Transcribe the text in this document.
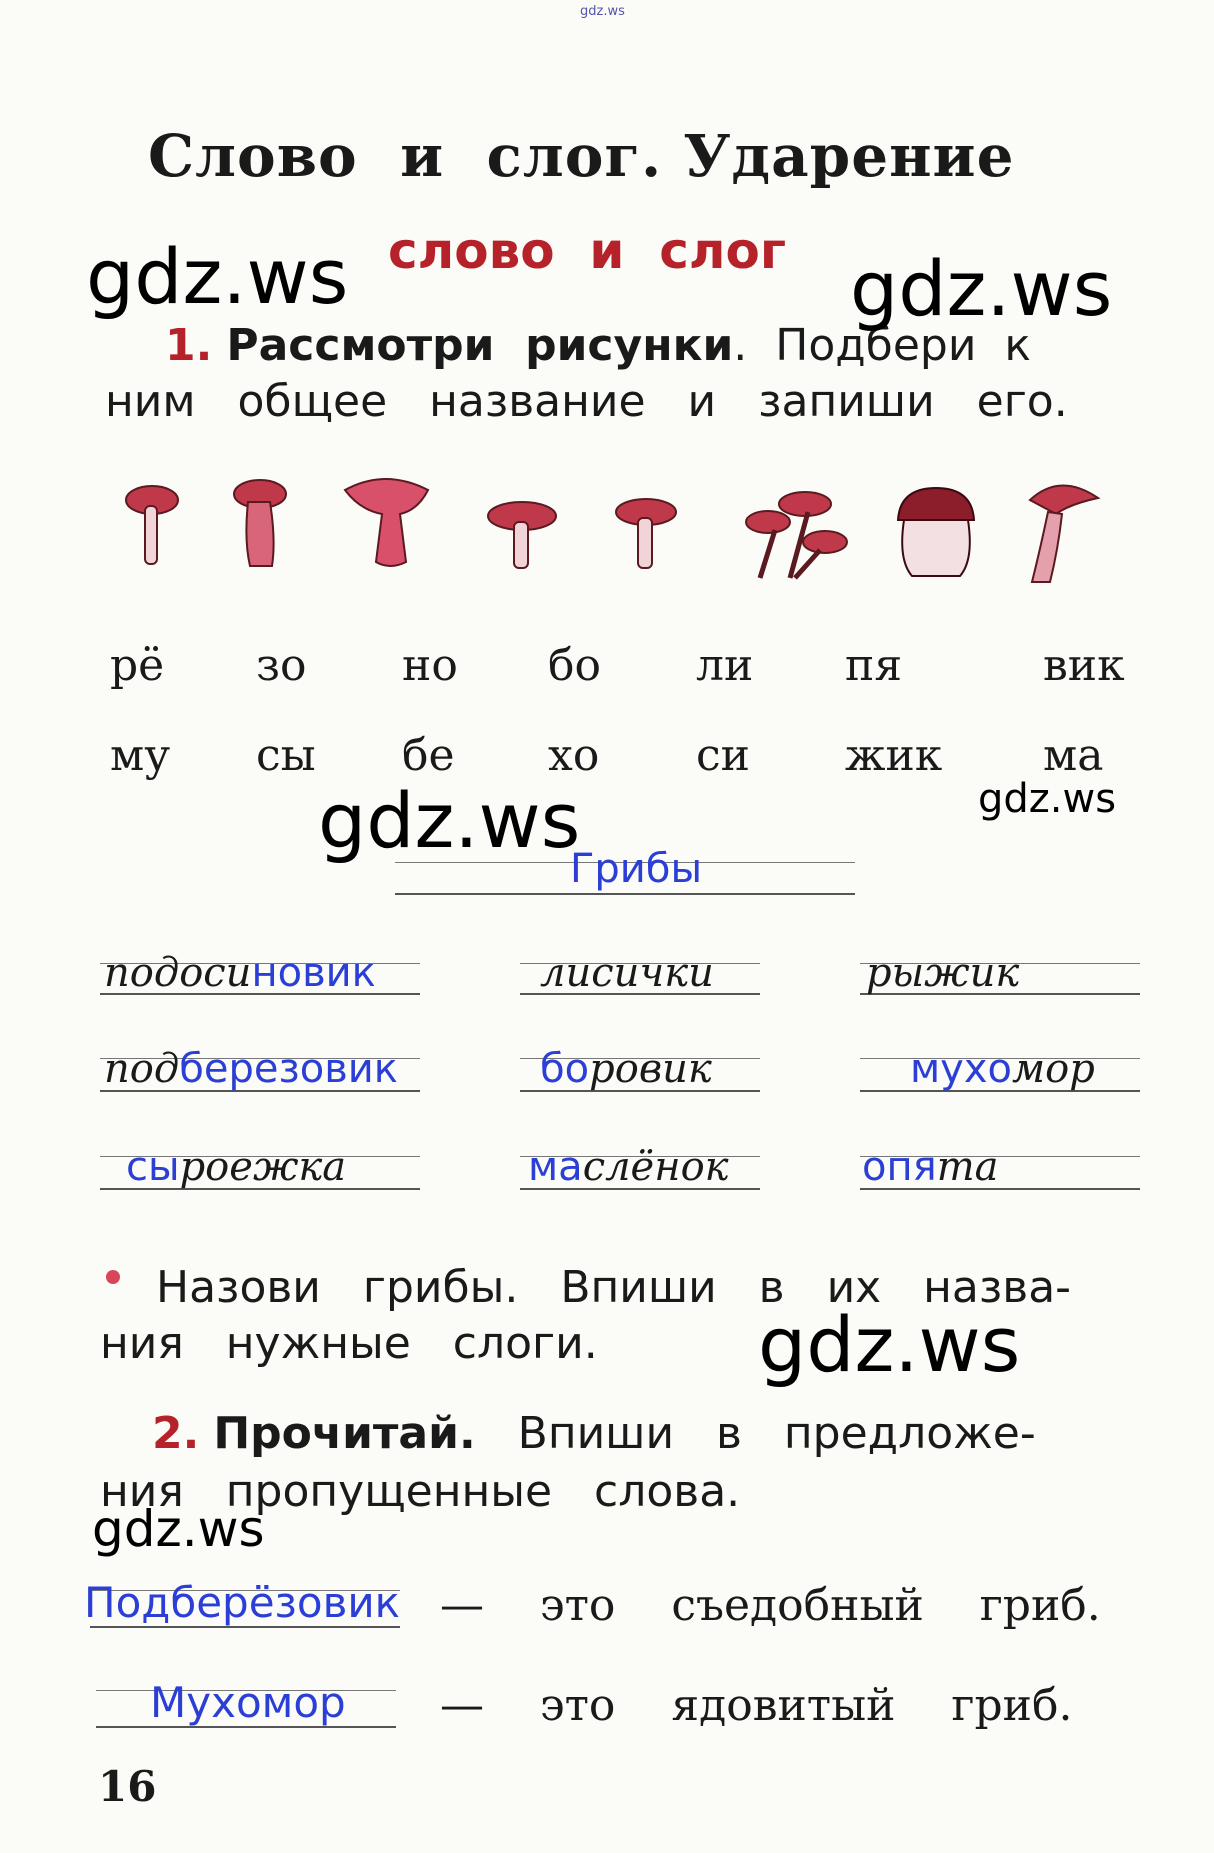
gdz.ws
Слово  и  слог. Ударение
слово  и  слог
1. Рассмотри  рисунки.  Подбери  к
ним   общее   название   и   запиши   его.
рё зо но бо ли пя	вик
му сы бе хо си жик ма
Грибы
подосиновик	лисички	рыжик
подберезовик	боровик	мухомор
сыроежка	маслёнок	опята
Назови   грибы.   Впиши   в   их   назва-
ния   нужные   слоги.
2. Прочитай.   Впиши   в   предложе-
ния   пропущенные   слова.
Подберёзовик —    это    съедобный    гриб.
Мухомор —    это    ядовитый    гриб.
16
gdz.ws	gdz.ws
gdz.ws	gdz.ws
gdz.ws
gdz.ws
